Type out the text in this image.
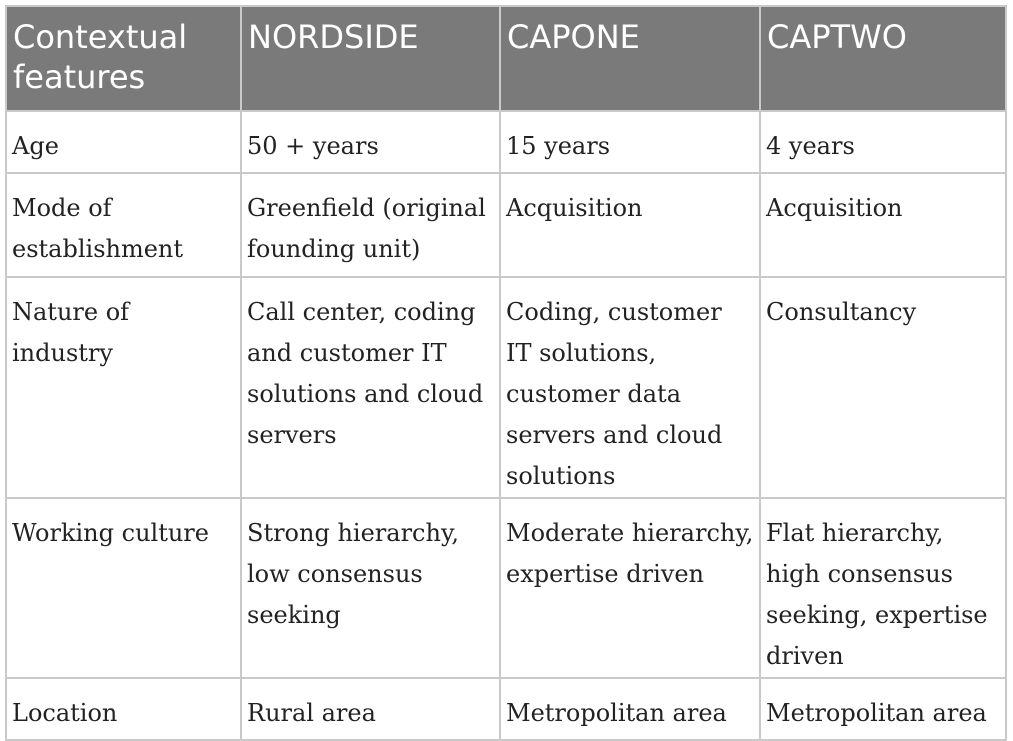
Contextual features	NORDSIDE	CAPONE	CAPTWO
Age	50 + years	15 years	4 years
Mode of establishment	Greenfield (original founding unit)	Acquisition	Acquisition
Nature of industry	Call center, coding and customer IT solutions and cloud servers	Coding, customer IT solutions, customer data servers and cloud solutions	Consultancy
Working culture	Strong hierarchy, low consensus seeking	Moderate hierarchy, expertise driven	Flat hierarchy, high consensus seeking, expertise driven
Location	Rural area	Metropolitan area	Metropolitan area
